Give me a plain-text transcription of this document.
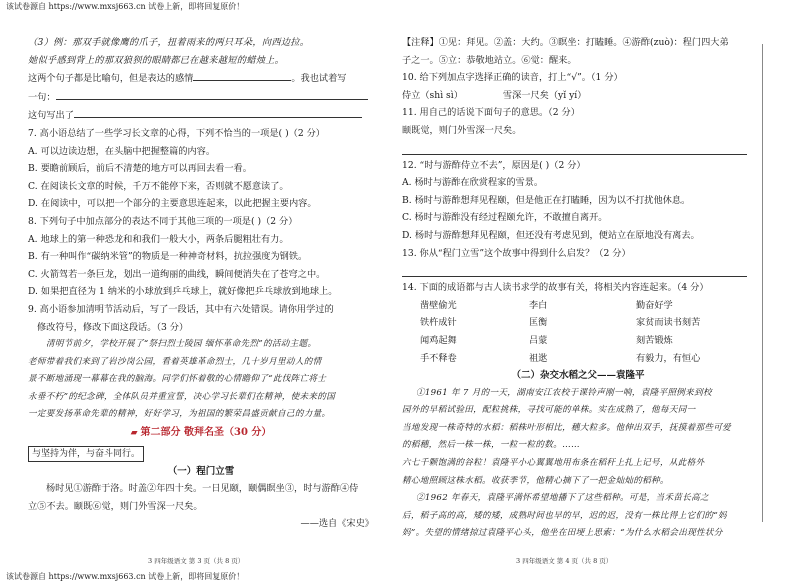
该试卷源自 https://www.mxsj663.cn 试卷上新，即将回复原价！

（3）例：那双手就像鹰的爪子，扭着雨来的两只耳朵，向西边拉。

她似乎感到背上的那双狼狈的眼睛都已在越来越短的蜡烛上。

这两个句子都是比喻句，但是表达的感情	。我也试着写

一句：

这句写出了

7. 高小语总结了一些学习长文章的心得，下列不恰当的一项是( )（2 分）

A. 可以边读边想，在头脑中把握整篇的内容。

B. 要瞻前顾后，前后不清楚的地方可以再回去看一看。

C. 在阅读长文章的时候，千万不能停下来，否则就不愿意读了。

D. 在阅读中，可以把一个部分的主要意思连起来，以此把握主要内容。

8. 下列句子中加点部分的表达不同于其他三项的一项是( )（2 分）

A. 地球上的第一种恐龙和和我们一般大小，两条后腿粗壮有力。

B. 有一种叫作“碳纳米管”的物质是一种神奇材料，抗拉强度为钢铁。

C. 火箭驾若一条巨龙，划出一道绚丽的曲线，瞬间便消失在了苍穹之中。

D. 如果把直径为 1 纳米的小球放到乒乓球上，就好像把乒乓球放到地球上。

9. 高小语参加清明节活动后，写了一段话，其中有六处错误。请你用学过的

修改符号，修改下面这段话。（3 分）

清明节前夕，学校开展了“祭扫烈士陵园 缅怀革命先烈”的活动主题。

老师带着我们来到了岩沙岗公园，看着英雄革命烈士，几十岁月里动人的情

景不断地涌现一幕幕在我的脑海。同学们怀着敬的心情瞻仰了“此伐阵亡将士

永垂不朽”的纪念碑，全体队员并重宣誓，决心学习长辈们在精神，使未来的国

一定要发扬革命先辈的精神，好好学习，为祖国的繁荣昌盛贡献自己的力量。

▰ 第二部分 敬拜名圣（30 分）

与坚持为伴，与奋斗同行。

（一）程门立雪

杨时见①游酢于洛。时盖②年四十矣。一日见颐，颐偶瞑坐③，时与游酢④侍

立⑤不去。颐既⑥觉，则门外雪深一尺矣。

——选自《宋史》

【注释】①见：拜见。②盖：大约。③瞑坐：打瞌睡。④游酢(zuò)：程门四大弟

子之一。⑤立：恭敬地站立。⑥觉：醒来。

10. 给下列加点字选择正确的读音，打上“√”。（1 分）

侍立（shì sì）	雪深一尺矣（yǐ yí）

11. 用自己的话说下面句子的意思。（2 分）

颐既觉，则门外雪深一尺矣。

12. “时与游酢侍立不去”，原因是( )（2 分）

A. 杨时与游酢在欣赏程家的雪景。

B. 杨时与游酢想拜见程颐，但是他正在打瞌睡，因为以不打扰他休息。

C. 杨时与游酢没有经过程颐允许，不敢擅自离开。

D. 杨时与游酢想拜见程颐，但还没有考虑见到，便站立在原地没有离去。

13. 你从“程门立雪”这个故事中得到什么启发？（2 分）

14. 下面的成语都与古人读书求学的故事有关，将相关内容连起来。（4 分）

凿壁偷光	李白	勤奋好学
铁杵成针	匡衡	家贫而读书刻苦
闻鸡起舞	吕蒙	刻苦锻炼
手不释卷	祖逖	有毅力，有恒心

（二）杂交水稻之父——袁隆平

①1961 年 7 月的一天，湖南安江农校于课铃声刚一响，袁隆平照例来到校

园外的早稻试验田，配粒挑株，寻找可能的单株。实在成熟了，他每天同一

当地发现一株奇特的水稻：稻株叶形相比，穗大粒多。他伸出双手，抚摸着那些可爱

的稻穗，然后一株一株，一粒一粒的数。……

六七千颗饱满的谷粒！袁隆平小心翼翼地用布条在稻秆上扎上记号，从此格外

精心地照顾这株水稻。收获季节，他精心摘下了一把金灿灿的稻种。

②1962 年春天，袁隆平满怀希望地播下了这些稻种。可是，当禾苗长高之

后，稻子高的高，矮的矮，成熟时间也早的早，迟的迟，没有一株比得上它们的“妈

妈”。失望的情绪掠过袁隆平心头，他坐在田埂上思索：“为什么水稻会出现性状分

3 四年级语文 第 3 页（共 8 页）	3 四年级语文 第 4 页（共 8 页）
该试卷源自 https://www.mxsj663.cn 试卷上新，即将回复原价！
